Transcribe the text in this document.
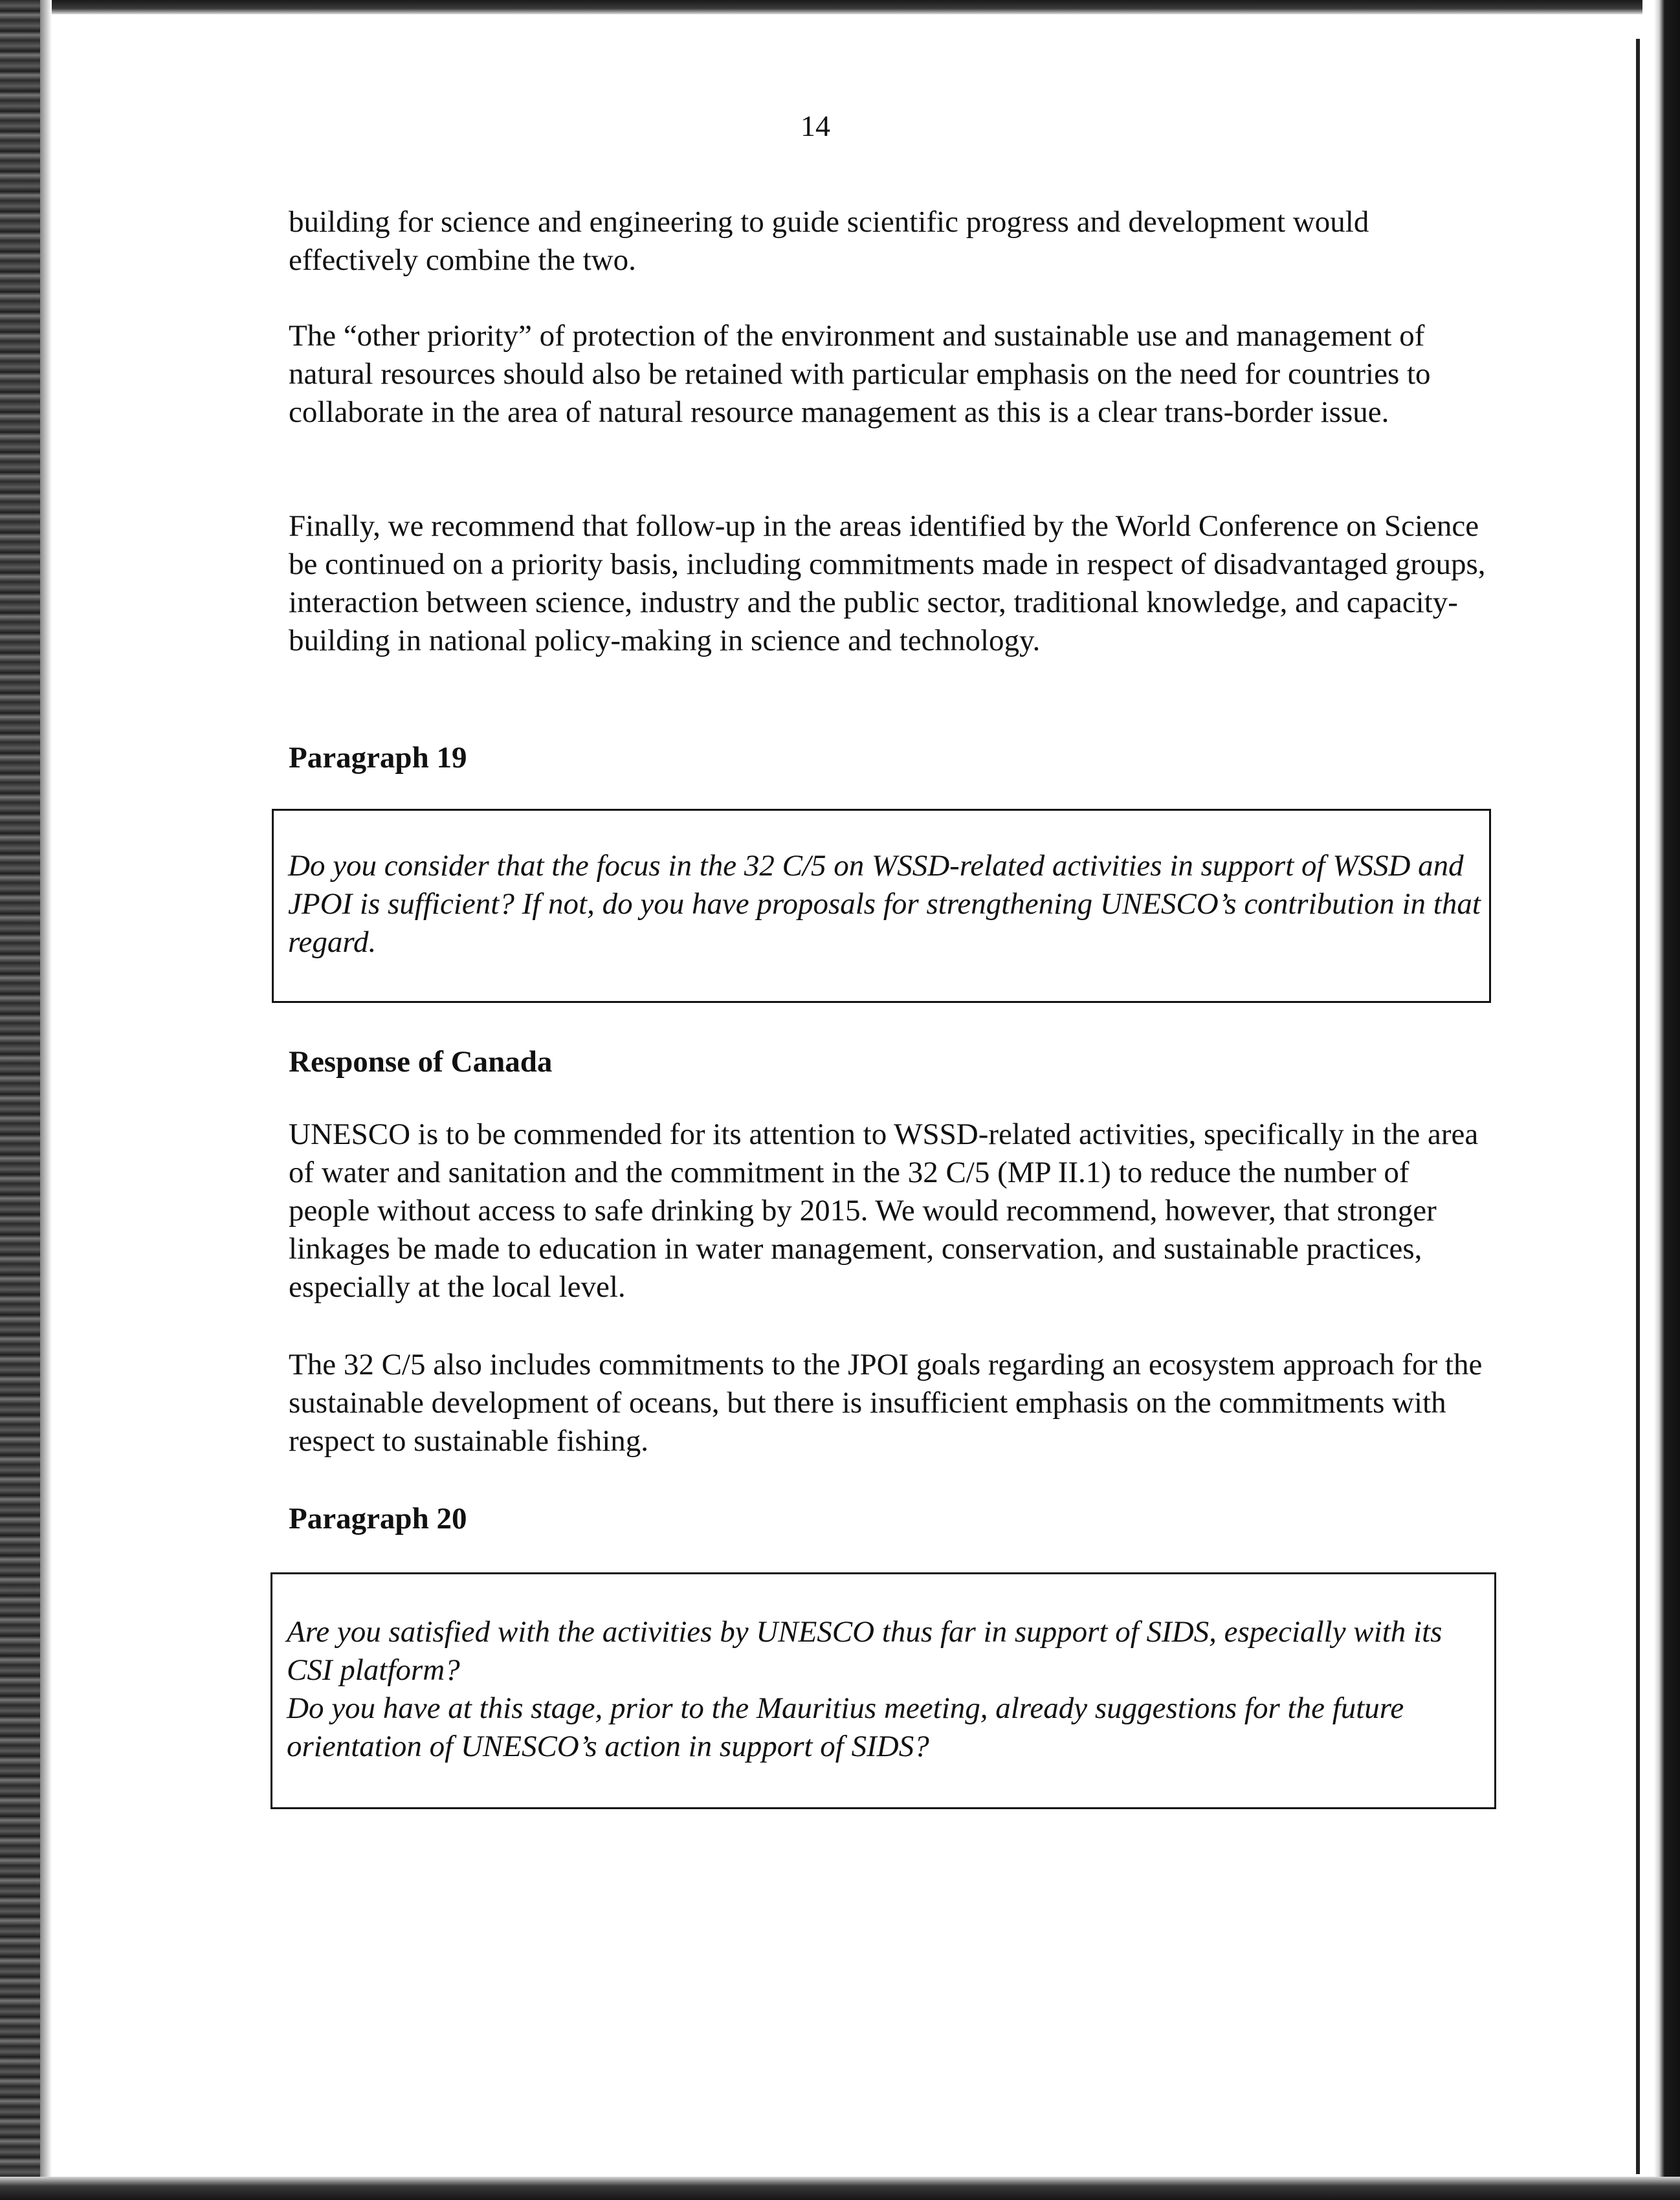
14

building for science and engineering to guide scientific progress and development would effectively combine the two.

The “other priority” of protection of the environment and sustainable use and management of natural resources should also be retained with particular emphasis on the need for countries to collaborate in the area of natural resource management as this is a clear trans-border issue.

Finally, we recommend that follow-up in the areas identified by the World Conference on Science be continued on a priority basis, including commitments made in respect of disadvantaged groups, interaction between science, industry and the public sector, traditional knowledge, and capacity-building in national policy-making in science and technology.

Paragraph 19

Do you consider that the focus in the 32 C/5 on WSSD-related activities in support of WSSD and JPOI is sufficient? If not, do you have proposals for strengthening UNESCO’s contribution in that regard.

Response of Canada

UNESCO is to be commended for its attention to WSSD-related activities, specifically in the area of water and sanitation and the commitment in the 32 C/5 (MP II.1) to reduce the number of people without access to safe drinking by 2015. We would recommend, however, that stronger linkages be made to education in water management, conservation, and sustainable practices, especially at the local level.

The 32 C/5 also includes commitments to the JPOI goals regarding an ecosystem approach for the sustainable development of oceans, but there is insufficient emphasis on the commitments with respect to sustainable fishing.

Paragraph 20

Are you satisfied with the activities by UNESCO thus far in support of SIDS, especially with its CSI platform?
Do you have at this stage, prior to the Mauritius meeting, already suggestions for the future orientation of UNESCO’s action in support of SIDS?
